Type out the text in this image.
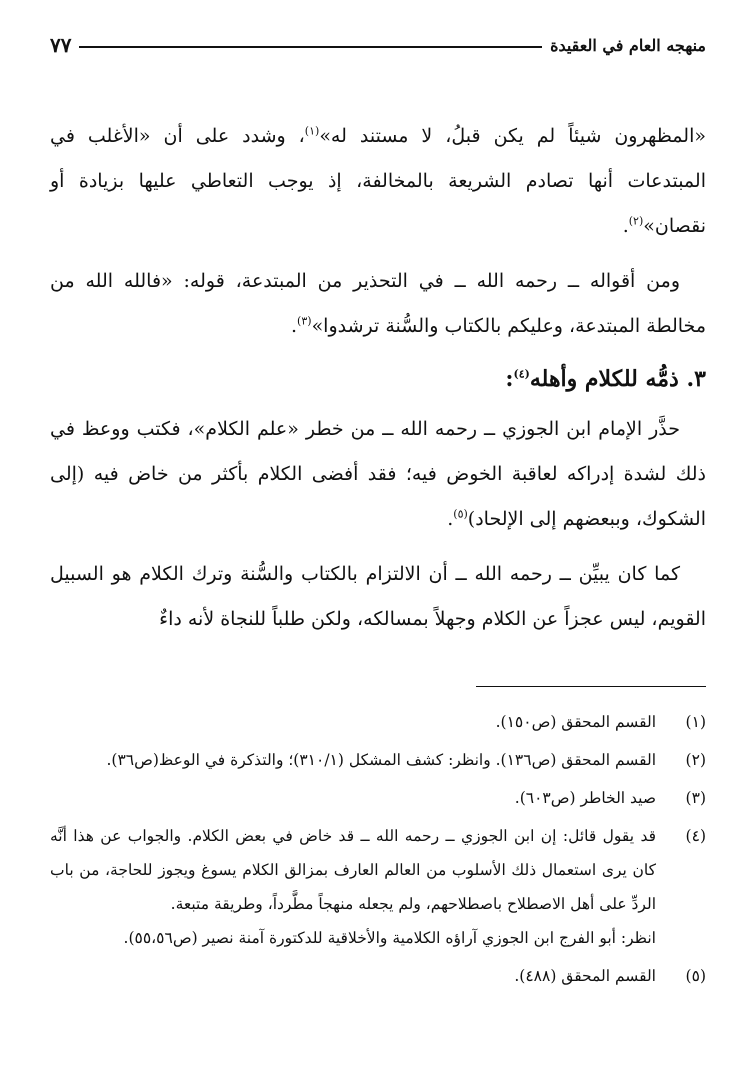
منهجه العام في العقيدة
٧٧

«المظهرون شيئاً لم يكن قبلُ، لا مستند له»$^{(١)}$، وشدد على أن «الأغلب في المبتدعات أنها تصادم الشريعة بالمخالفة، إذ يوجب التعاطي عليها بزيادة أو نقصان»$^{(٢)}$.

ومن أقواله ــ رحمه الله ــ في التحذير من المبتدعة، قوله: «فالله الله من مخالطة المبتدعة، وعليكم بالكتاب والسُّنة ترشدوا»$^{(٣)}$.

٣. ذمُّه للكلام وأهله$^{(٤)}$:

حذَّر الإمام ابن الجوزي ــ رحمه الله ــ من خطر «علم الكلام»، فكتب ووعظ في ذلك لشدة إدراكه لعاقبة الخوض فيه؛ فقد أفضى الكلام بأكثر من خاض فيه (إلى الشكوك، وببعضهم إلى الإلحاد)$^{(٥)}$.

كما كان يبيِّن ــ رحمه الله ــ أن الالتزام بالكتاب والسُّنة وترك الكلام هو السبيل القويم، ليس عجزاً عن الكلام وجهلاً بمسالكه، ولكن طلباً للنجاة لأنه داءٌ

(١)

القسم المحقق (ص١٥٠).

(٢)

القسم المحقق (ص١٣٦). وانظر: كشف المشكل (٣١٠/١)؛ والتذكرة في الوعظ(ص٣٦).

(٣)

صيد الخاطر (ص٦٠٣).

(٤)

قد يقول قائل: إن ابن الجوزي ــ رحمه الله ــ قد خاض في بعض الكلام. والجواب عن هذا أنَّه كان يرى استعمال ذلك الأسلوب من العالم العارف بمزالق الكلام يسوغ ويجوز للحاجة، من باب الردِّ على أهل الاصطلاح باصطلاحهم، ولم يجعله منهجاً مطَّرداً، وطريقة متبعة.

انظر: أبو الفرج ابن الجوزي آراؤه الكلامية والأخلاقية للدكتورة آمنة نصير (ص٥٥،٥٦).

(٥)

القسم المحقق (٤٨٨).
